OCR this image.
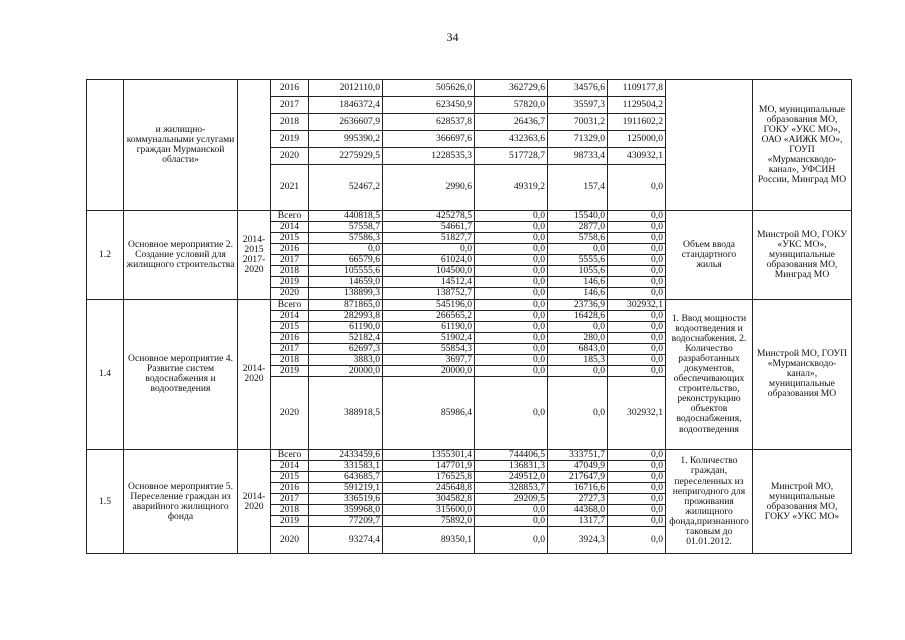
34
	и жилищно-коммунальными услугами граждан Мурманской области»		2016	2012110,0	505626,0	362729,6	34576,6	1109177,8		МО, муниципальные образования МО, ГОКУ «УКС МО», ОАО «АИЖК МО», ГОУП «Мурманскводо-канал», УФСИН России, Минград МО
			2017	1846372,4	623450,9	57820,0	35597,3	1129504,2		
			2018	2636607,9	628537,8	26436,7	70031,2	1911602,2		
			2019	995390,2	366697,6	432363,6	71329,0	125000,0		
			2020	2275929,5	1228535,3	517728,7	98733,4	430932,1		
			2021	52467,2	2990,6	49319,2	157,4	0,0		
1.2	Основное мероприятие 2. Создание условий для жилищного строительства	2014-2015 2017-2020	Всего	440818,5	425278,5	0,0	15540,0	0,0	Объем ввода стандартного жилья	Минстрой МО, ГОКУ «УКС МО», муниципальные образования МО, Минград МО
			2014	57558,7	54661,7	0,0	2877,0	0,0		
			2015	57586,3	51827,7	0,0	5758,6	0,0		
			2016	0,0	0,0	0,0	0,0	0,0		
			2017	66579,6	61024,0	0,0	5555,6	0,0		
			2018	105555,6	104500,0	0,0	1055,6	0,0		
			2019	14659,0	14512,4	0,0	146,6	0,0		
			2020	138899,3	138752,7	0,0	146,6	0,0		
1.4	Основное мероприятие 4. Развитие систем водоснабжения и водоотведения	2014-2020	Всего	871865,0	545196,0	0,0	23736,9	302932,1	1. Ввод мощности водоотведения и водоснабжения. 2. Количество разработанных документов, обеспечивающих строительство, реконструкцию объектов водоснабжения, водоотведения	Минстрой МО, ГОУП «Мурманскводо-канал», муниципальные образования МО
			2014	282993,8	266565,2	0,0	16428,6	0,0		
			2015	61190,0	61190,0	0,0	0,0	0,0		
			2016	52182,4	51902,4	0,0	280,0	0,0		
			2017	62697,3	55854,3	0,0	6843,0	0,0		
			2018	3883,0	3697,7	0,0	185,3	0,0		
			2019	20000,0	20000,0	0,0	0,0	0,0		
			2020	388918,5	85986,4	0,0	0,0	302932,1		
1.5	Основное мероприятие 5. Переселение граждан из аварийного жилищного фонда	2014-2020	Всего	2433459,6	1355301,4	744406,5	333751,7	0,0	1. Количество граждан, переселенных из непригодного для проживания жилищного фонда,признанного таковым до 01.01.2012.	Минстрой МО, муниципальные образования МО, ГОКУ «УКС МО»
			2014	331583,1	147701,9	136831,3	47049,9	0,0		
			2015	643685,7	176525,8	249512,0	217647,9	0,0		
			2016	591219,1	245648,8	328853,7	16716,6	0,0		
			2017	336519,6	304582,8	29209,5	2727,3	0,0		
			2018	359968,0	315600,0	0,0	44368,0	0,0		
			2019	77209,7	75892,0	0,0	1317,7	0,0		
			2020	93274,4	89350,1	0,0	3924,3	0,0		
